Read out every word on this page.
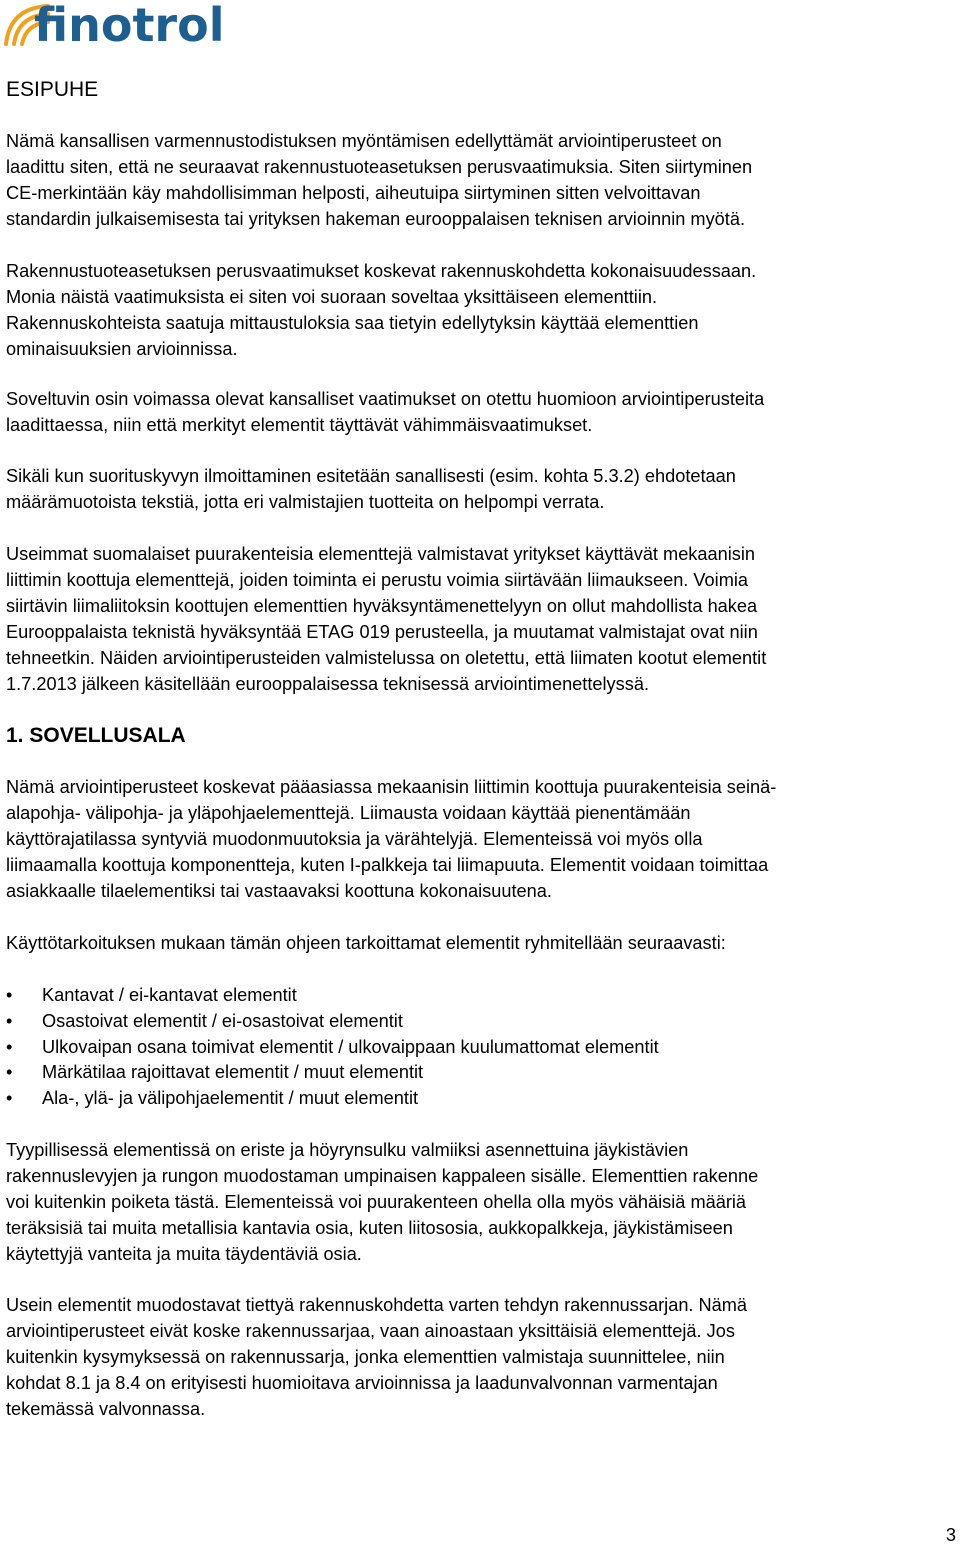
finotrol
ESIPUHE

Nämä kansallisen varmennustodistuksen myöntämisen edellyttämät arviointiperusteet on
laadittu siten, että ne seuraavat rakennustuoteasetuksen perusvaatimuksia. Siten siirtyminen
CE-merkintään käy mahdollisimman helposti, aiheutuipa siirtyminen sitten velvoittavan
standardin julkaisemisesta tai yrityksen hakeman eurooppalaisen teknisen arvioinnin myötä.

Rakennustuoteasetuksen perusvaatimukset koskevat rakennuskohdetta kokonaisuudessaan.
Monia näistä vaatimuksista ei siten voi suoraan soveltaa yksittäiseen elementtiin.
Rakennuskohteista saatuja mittaustuloksia saa tietyin edellytyksin käyttää elementtien
ominaisuuksien arvioinnissa.

Soveltuvin osin voimassa olevat kansalliset vaatimukset on otettu huomioon arviointiperusteita
laadittaessa, niin että merkityt elementit täyttävät vähimmäisvaatimukset.

Sikäli kun suorituskyvyn ilmoittaminen esitetään sanallisesti (esim. kohta 5.3.2) ehdotetaan
määrämuotoista tekstiä, jotta eri valmistajien tuotteita on helpompi verrata.

Useimmat suomalaiset puurakenteisia elementtejä valmistavat yritykset käyttävät mekaanisin
liittimin koottuja elementtejä, joiden toiminta ei perustu voimia siirtävään liimaukseen. Voimia
siirtävin liimaliitoksin koottujen elementtien hyväksyntämenettelyyn on ollut mahdollista hakea
Eurooppalaista teknistä hyväksyntää ETAG 019 perusteella, ja muutamat valmistajat ovat niin
tehneetkin. Näiden arviointiperusteiden valmistelussa on oletettu, että liimaten kootut elementit
1.7.2013 jälkeen käsitellään eurooppalaisessa teknisessä arviointimenettelyssä.

1. SOVELLUSALA

Nämä arviointiperusteet koskevat pääasiassa mekaanisin liittimin koottuja puurakenteisia seinä-
alapohja- välipohja- ja yläpohjaelementtejä. Liimausta voidaan käyttää pienentämään
käyttörajatilassa syntyviä muodonmuutoksia ja värähtelyjä. Elementeissä voi myös olla
liimaamalla koottuja komponentteja, kuten I-palkkeja tai liimapuuta. Elementit voidaan toimittaa
asiakkaalle tilaelementiksi tai vastaavaksi koottuna kokonaisuutena.

Käyttötarkoituksen mukaan tämän ohjeen tarkoittamat elementit ryhmitellään seuraavasti:

• Kantavat / ei-kantavat elementit
• Osastoivat elementit / ei-osastoivat elementit
• Ulkovaipan osana toimivat elementit / ulkovaippaan kuulumattomat elementit
• Märkätilaa rajoittavat elementit / muut elementit
• Ala-, ylä- ja välipohjaelementit / muut elementit

Tyypillisessä elementissä on eriste ja höyrynsulku valmiiksi asennettuina jäykistävien
rakennuslevyjen ja rungon muodostaman umpinaisen kappaleen sisälle. Elementtien rakenne
voi kuitenkin poiketa tästä. Elementeissä voi puurakenteen ohella olla myös vähäisiä määriä
teräksisiä tai muita metallisia kantavia osia, kuten liitososia, aukkopalkkeja, jäykistämiseen
käytettyjä vanteita ja muita täydentäviä osia.

Usein elementit muodostavat tiettyä rakennuskohdetta varten tehdyn rakennussarjan. Nämä
arviointiperusteet eivät koske rakennussarjaa, vaan ainoastaan yksittäisiä elementtejä. Jos
kuitenkin kysymyksessä on rakennussarja, jonka elementtien valmistaja suunnittelee, niin
kohdat 8.1 ja 8.4 on erityisesti huomioitava arvioinnissa ja laadunvalvonnan varmentajan
tekemässä valvonnassa.

3
